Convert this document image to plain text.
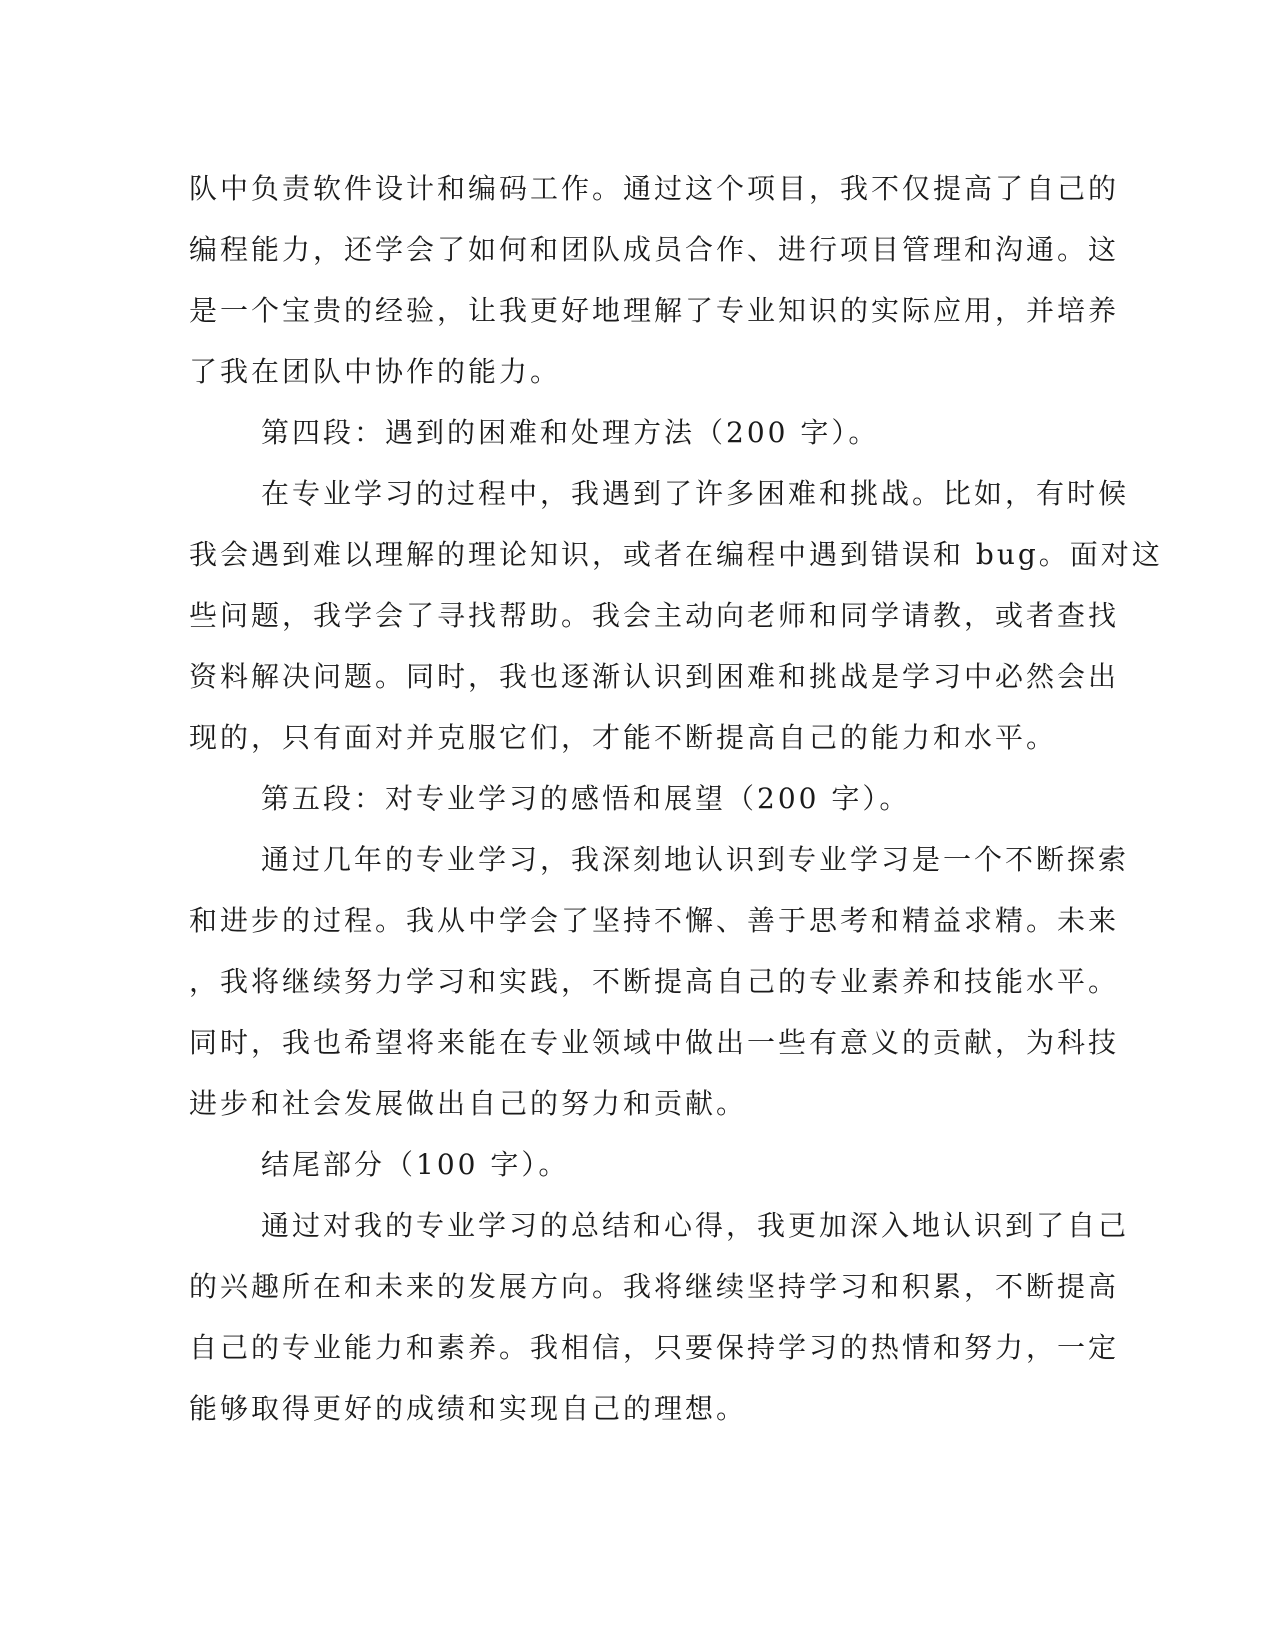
队中负责软件设计和编码工作。通过这个项目，我不仅提高了自己的
编程能力，还学会了如何和团队成员合作、进行项目管理和沟通。这
是一个宝贵的经验，让我更好地理解了专业知识的实际应用，并培养
了我在团队中协作的能力。
第四段：遇到的困难和处理方法（200 字）。
在专业学习的过程中，我遇到了许多困难和挑战。比如，有时候
我会遇到难以理解的理论知识，或者在编程中遇到错误和 bug。面对这
些问题，我学会了寻找帮助。我会主动向老师和同学请教，或者查找
资料解决问题。同时，我也逐渐认识到困难和挑战是学习中必然会出
现的，只有面对并克服它们，才能不断提高自己的能力和水平。
第五段：对专业学习的感悟和展望（200 字）。
通过几年的专业学习，我深刻地认识到专业学习是一个不断探索
和进步的过程。我从中学会了坚持不懈、善于思考和精益求精。未来
，我将继续努力学习和实践，不断提高自己的专业素养和技能水平。
同时，我也希望将来能在专业领域中做出一些有意义的贡献，为科技
进步和社会发展做出自己的努力和贡献。
结尾部分（100 字）。
通过对我的专业学习的总结和心得，我更加深入地认识到了自己
的兴趣所在和未来的发展方向。我将继续坚持学习和积累，不断提高
自己的专业能力和素养。我相信，只要保持学习的热情和努力，一定
能够取得更好的成绩和实现自己的理想。
